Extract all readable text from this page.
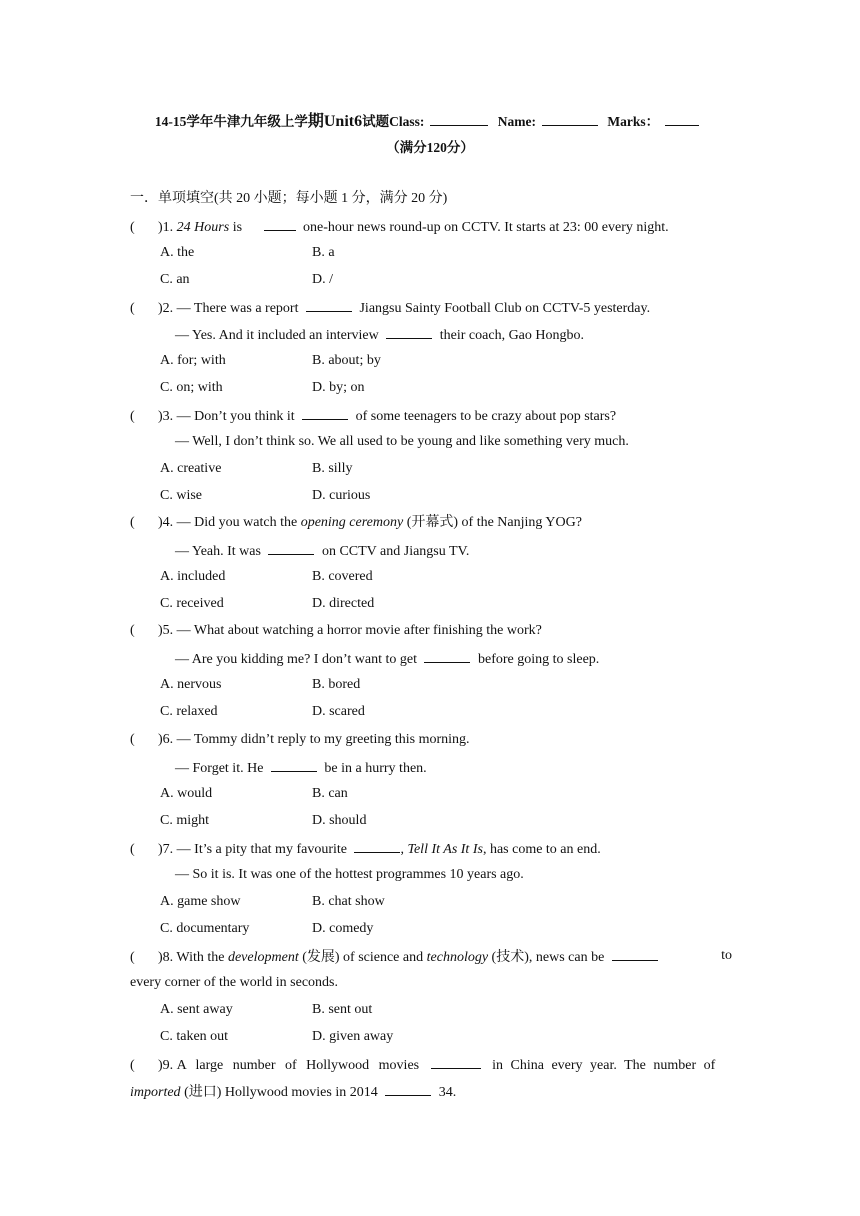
14-15学年牛津九年级上学期Unit6试题Class:	Name:	Marks：
（满分120分）
一．单项填空(共 20 小题；每小题 1 分，满分 20 分)
( )1. 24 Hours is	one-hour news round-up on CCTV. It starts at 23: 00 every night.
A. the	B. a
C. an	D. /
( )2. — There was a report	Jiangsu Sainty Football Club on CCTV-5 yesterday.
— Yes. And it included an interview	their coach, Gao Hongbo.
A. for; with	B. about; by
C. on; with	D. by; on
( )3. — Don’t you think it	of some teenagers to be crazy about pop stars?
— Well, I don’t think so. We all used to be young and like something very much.
A. creative	B. silly
C. wise	D. curious
( )4. — Did you watch the opening ceremony (开幕式) of the Nanjing YOG?
— Yeah. It was	on CCTV and Jiangsu TV.
A. included	B. covered
C. received	D. directed
( )5. — What about watching a horror movie after finishing the work?
— Are you kidding me? I don’t want to get	before going to sleep.
A. nervous	B. bored
C. relaxed	D. scared
( )6. — Tommy didn’t reply to my greeting this morning.
— Forget it. He	be in a hurry then.
A. would	B. can
C. might	D. should
( )7. — It’s a pity that my favourite	, Tell It As It Is, has come to an end.
— So it is. It was one of the hottest programmes 10 years ago.
A. game show	B. chat show
C. documentary	D. comedy
( )8. With the development (发展) of science and technology (技术), news can be	to
every corner of the world in seconds.
A. sent away	B. sent out
C. taken out	D. given away
( )9. A large number of Hollywood movies	in China every year. The number of
imported (进口) Hollywood movies in 2014	34.
